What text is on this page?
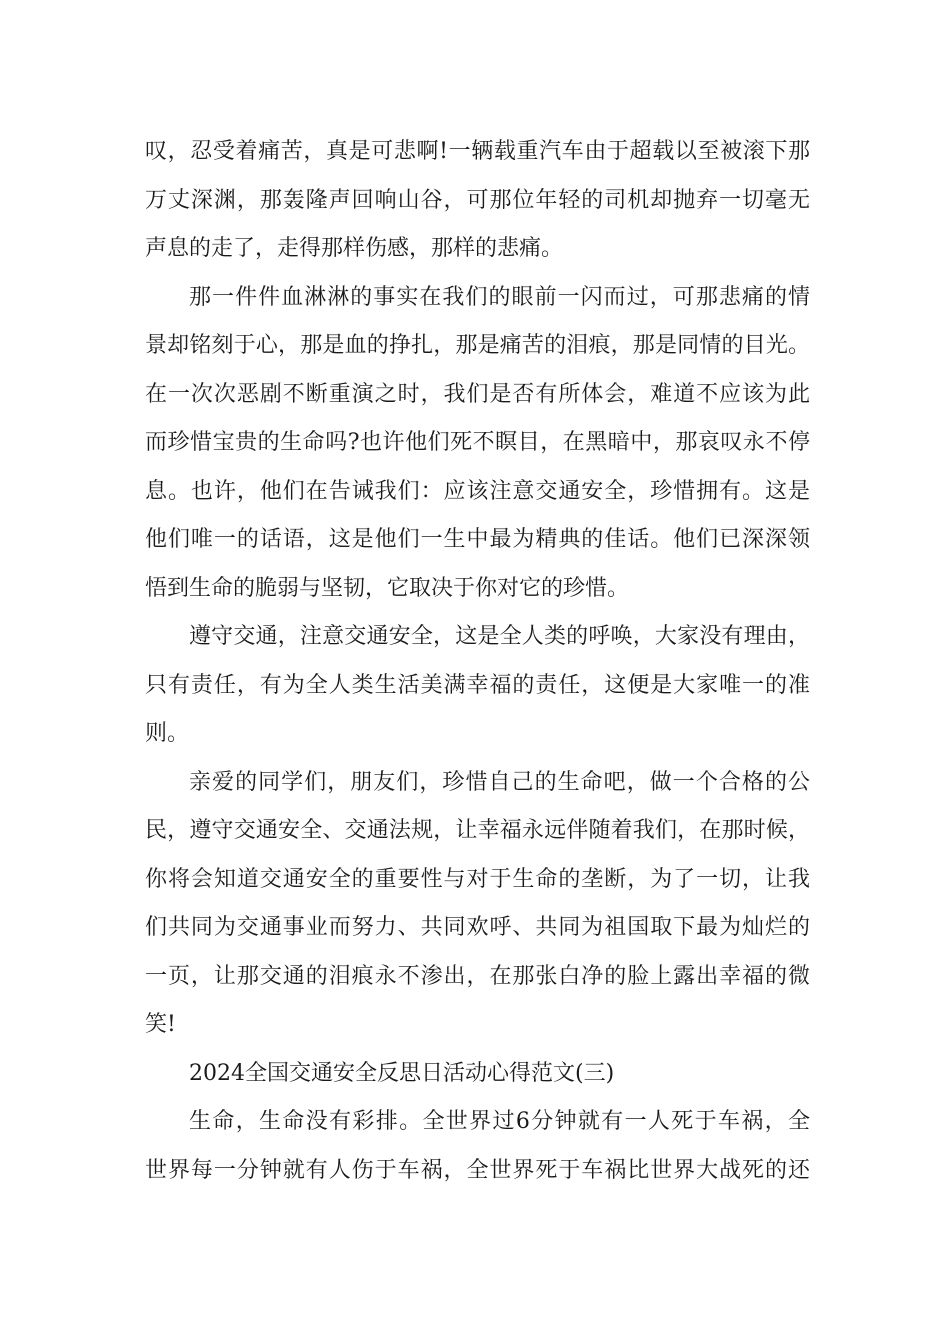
叹，忍受着痛苦，真是可悲啊!一辆载重汽车由于超载以至被滚下那
万丈深渊，那轰隆声回响山谷，可那位年轻的司机却抛弃一切毫无
声息的走了，走得那样伤感，那样的悲痛。
那一件件血淋淋的事实在我们的眼前一闪而过，可那悲痛的情
景却铭刻于心，那是血的挣扎，那是痛苦的泪痕，那是同情的目光。
在一次次恶剧不断重演之时，我们是否有所体会，难道不应该为此
而珍惜宝贵的生命吗?也许他们死不瞑目，在黑暗中，那哀叹永不停
息。也许，他们在告诫我们：应该注意交通安全，珍惜拥有。这是
他们唯一的话语，这是他们一生中最为精典的佳话。他们已深深领
悟到生命的脆弱与坚韧，它取决于你对它的珍惜。
遵守交通，注意交通安全，这是全人类的呼唤，大家没有理由，
只有责任，有为全人类生活美满幸福的责任，这便是大家唯一的准
则。
亲爱的同学们，朋友们，珍惜自己的生命吧，做一个合格的公
民，遵守交通安全、交通法规，让幸福永远伴随着我们，在那时候，
你将会知道交通安全的重要性与对于生命的垄断，为了一切，让我
们共同为交通事业而努力、共同欢呼、共同为祖国取下最为灿烂的
一页，让那交通的泪痕永不渗出，在那张白净的脸上露出幸福的微
笑!
2024全国交通安全反思日活动心得范文(三)
生命，生命没有彩排。全世界过6分钟就有一人死于车祸，全
世界每一分钟就有人伤于车祸，全世界死于车祸比世界大战死的还
